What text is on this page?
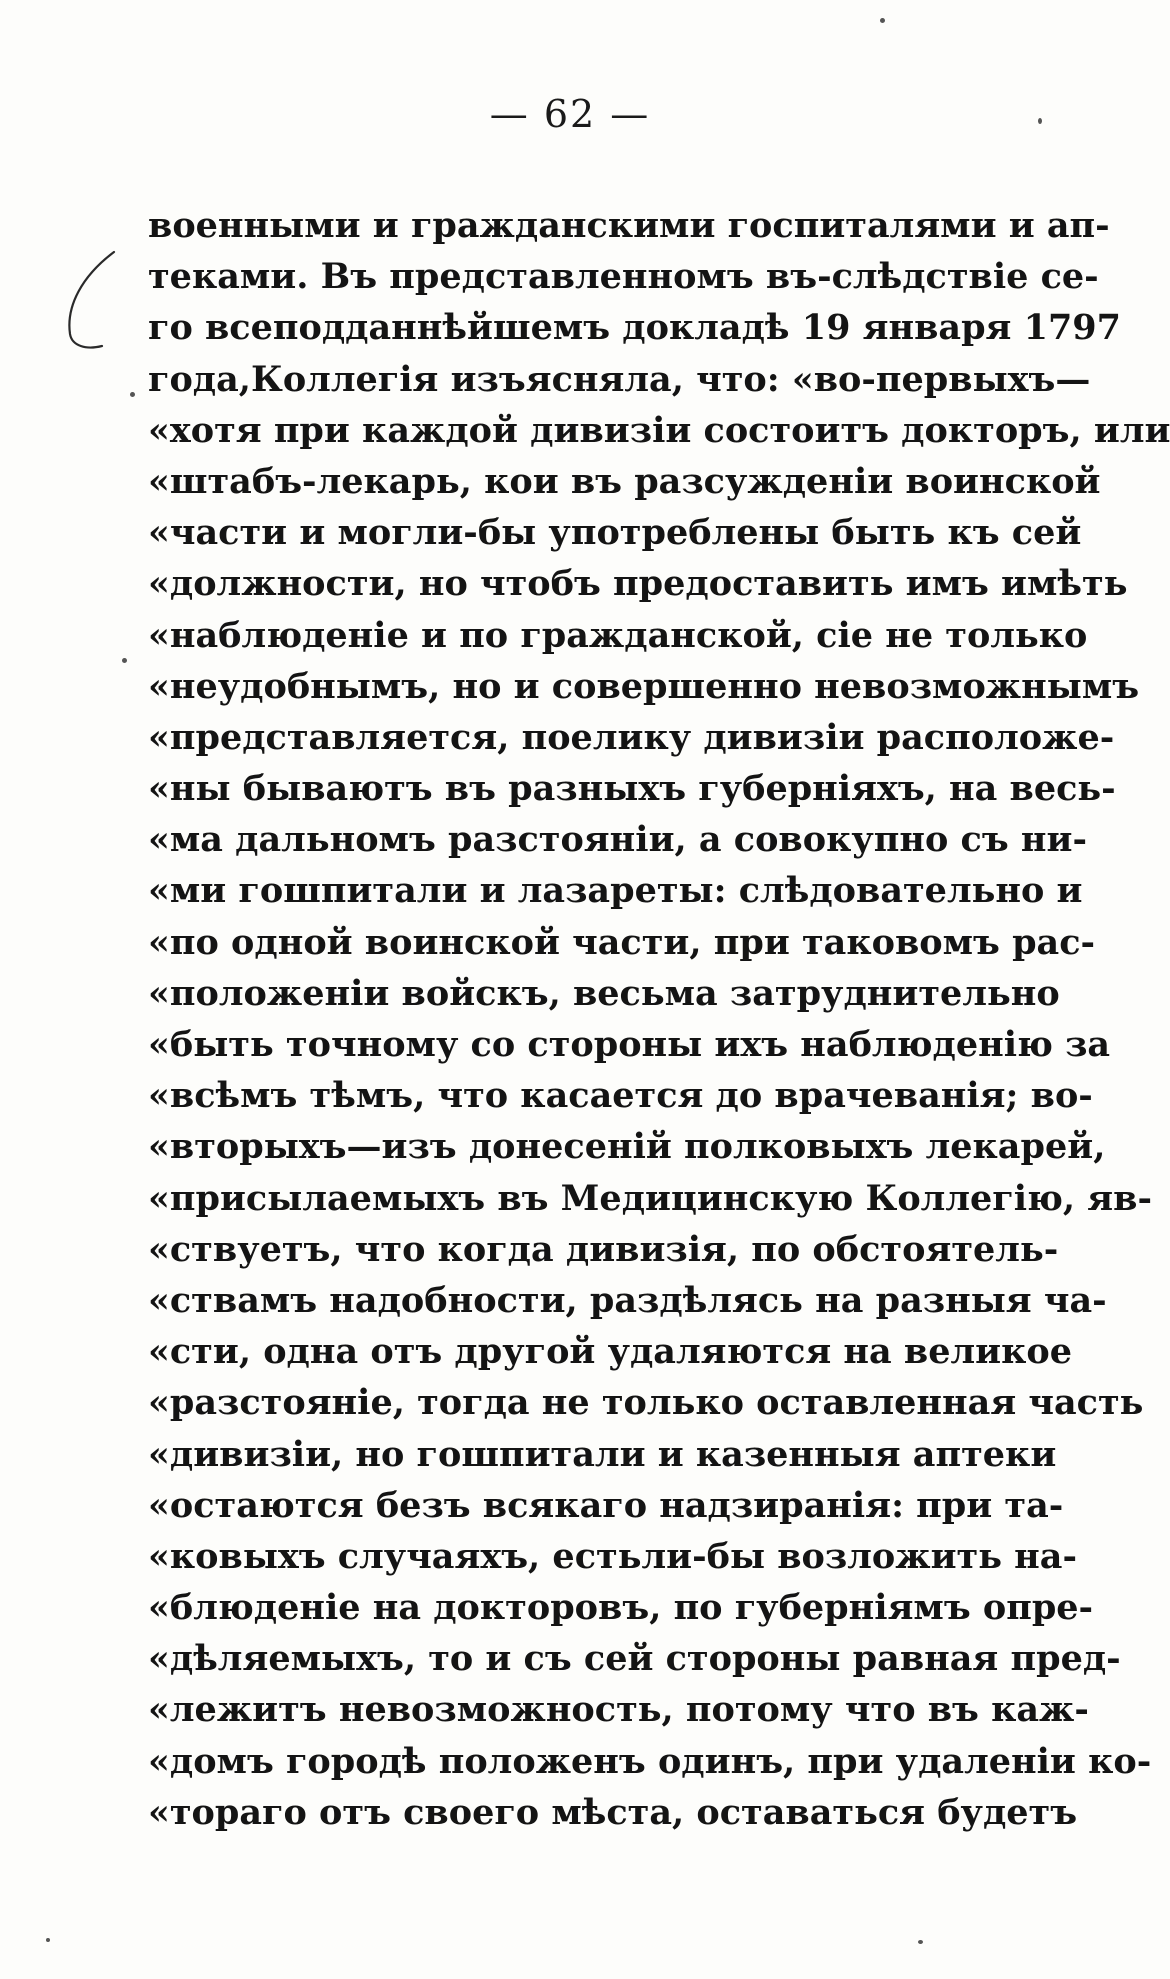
— 62 —
военными и гражданскими госпиталями и ап-
теками. Въ представленномъ въ-слѣдствіе се-
го всеподданнѣйшемъ докладѣ 19 января 1797
года,Коллегія изъясняла, что: «во-первыхъ—
«хотя при каждой дивизіи состоитъ докторъ, или
«штабъ-лекарь, кои въ разсужденіи воинской
«части и могли-бы употреблены быть къ сей
«должности, но чтобъ предоставить имъ имѣть
«наблюденіе и по гражданской, сіе не только
«неудобнымъ, но и совершенно невозможнымъ
«представляется, поелику дивизіи расположе-
«ны бываютъ въ разныхъ губерніяхъ, на весь-
«ма дальномъ разстояніи, а совокупно съ ни-
«ми гошпитали и лазареты: слѣдовательно и
«по одной воинской части, при таковомъ рас-
«положеніи войскъ, весьма затруднительно
«быть точному со стороны ихъ наблюденію за
«всѣмъ тѣмъ, что касается до врачеванія; во-
«вторыхъ—изъ донесеній полковыхъ лекарей,
«присылаемыхъ въ Медицинскую Коллегію, яв-
«ствуетъ, что когда дивизія, по обстоятель-
«ствамъ надобности, раздѣлясь на разныя ча-
«сти, одна отъ другой удаляются на великое
«разстояніе, тогда не только оставленная часть
«дивизіи, но гошпитали и казенныя аптеки
«остаются безъ всякаго надзиранія: при та-
«ковыхъ случаяхъ, естьли-бы возложить на-
«блюденіе на докторовъ, по губерніямъ опре-
«дѣляемыхъ, то и съ сей стороны равная пред-
«лежитъ невозможность, потому что въ каж-
«домъ городѣ положенъ одинъ, при удаленіи ко-
«тораго отъ своего мѣста, оставаться будетъ
